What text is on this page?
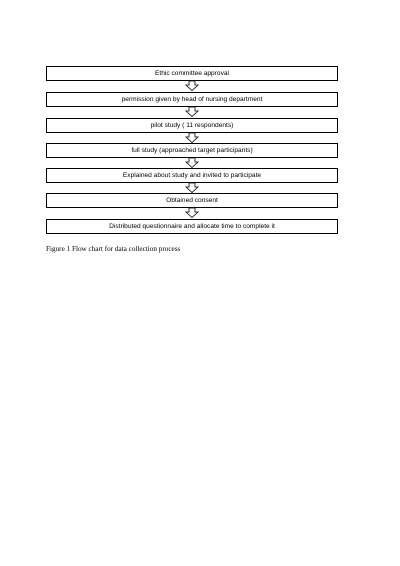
Ethic committee approval
permission given by head of nursing department
pilot study ( 11 respondents)
full study (approached target participants)
Explained about study and invited to participate
Obtained consent
Distributed questionnaire and allocate time to complete it
Figure 1 Flow chart for data collection process
